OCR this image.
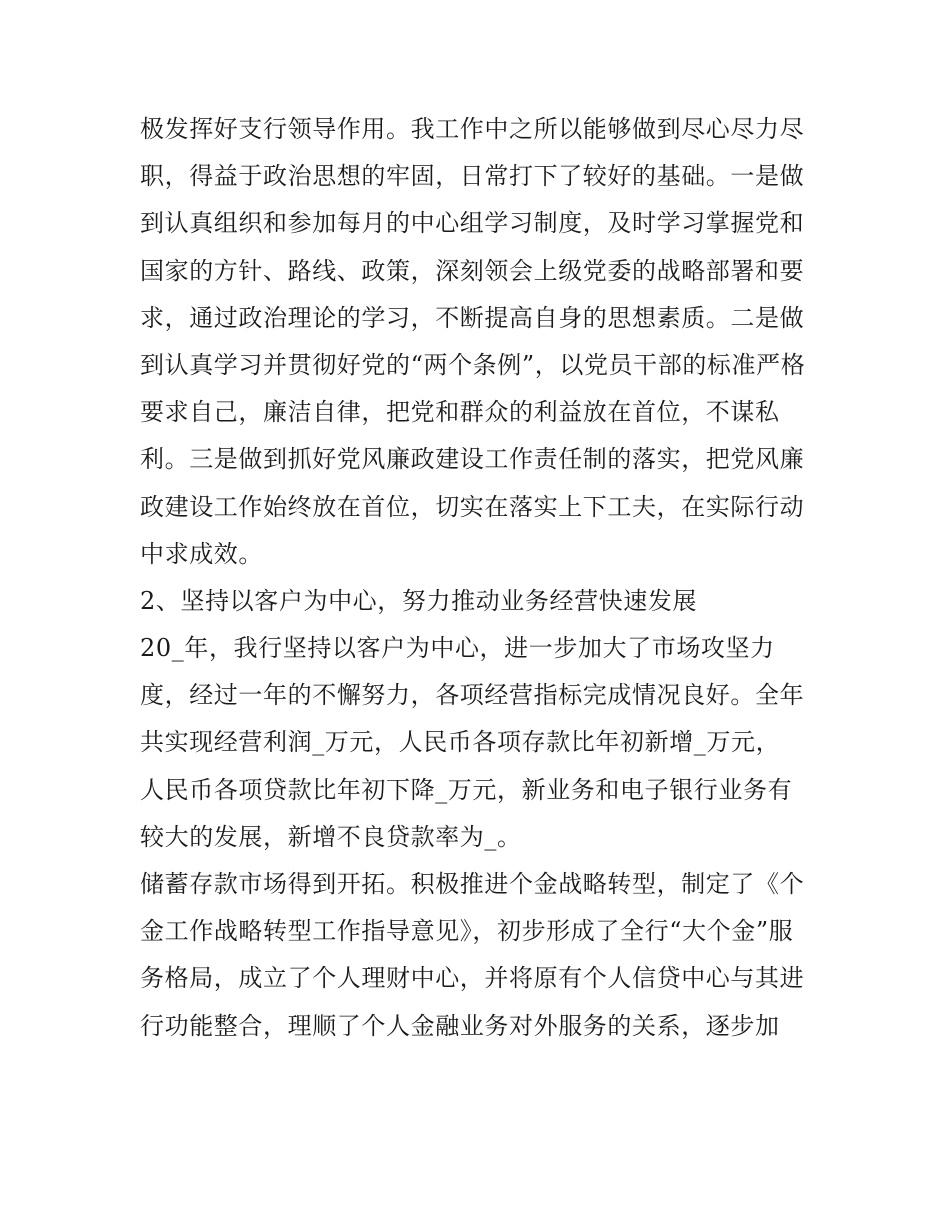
极发挥好支行领导作用。我工作中之所以能够做到尽心尽力尽
职，得益于政治思想的牢固，日常打下了较好的基础。一是做
到认真组织和参加每月的中心组学习制度，及时学习掌握党和
国家的方针、路线、政策，深刻领会上级党委的战略部署和要
求，通过政治理论的学习，不断提高自身的思想素质。二是做
到认真学习并贯彻好党的“两个条例”，以党员干部的标准严格
要求自己，廉洁自律，把党和群众的利益放在首位，不谋私
利。三是做到抓好党风廉政建设工作责任制的落实，把党风廉
政建设工作始终放在首位，切实在落实上下工夫，在实际行动
中求成效。
2、坚持以客户为中心，努力推动业务经营快速发展
20_年，我行坚持以客户为中心，进一步加大了市场攻坚力
度，经过一年的不懈努力，各项经营指标完成情况良好。全年
共实现经营利润_万元，人民币各项存款比年初新增_万元，
人民币各项贷款比年初下降_万元，新业务和电子银行业务有
较大的发展，新增不良贷款率为_。
储蓄存款市场得到开拓。积极推进个金战略转型，制定了《个
金工作战略转型工作指导意见》，初步形成了全行“大个金”服
务格局，成立了个人理财中心，并将原有个人信贷中心与其进
行功能整合，理顺了个人金融业务对外服务的关系，逐步加
